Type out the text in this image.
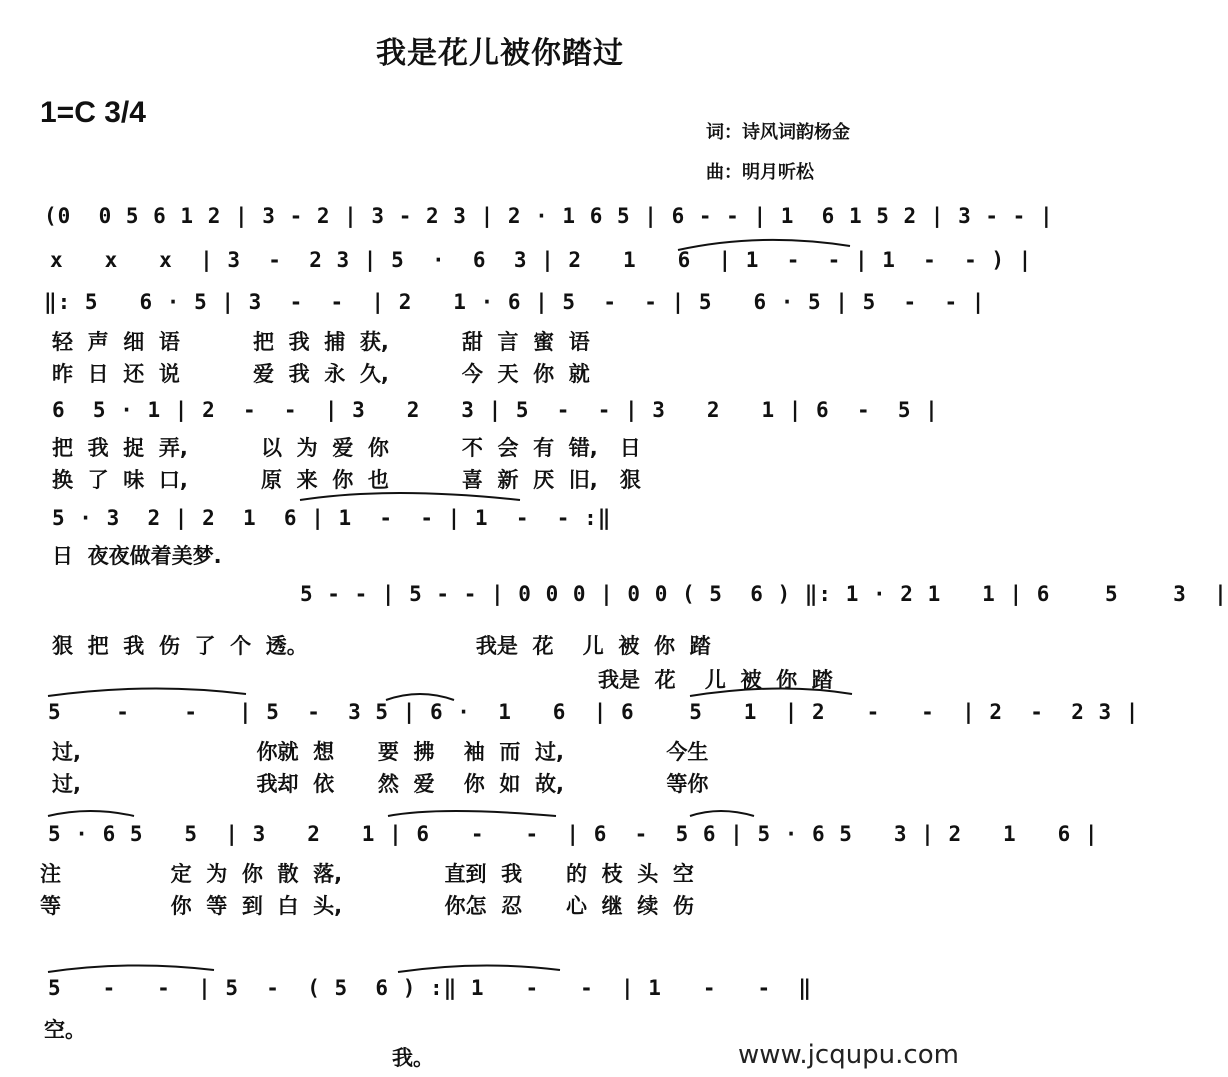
我是花儿被你踏过
1=C 3/4
词：诗风词韵杨金
曲：明月听松
(0  0 5 6 1 2 | 3 - 2 | 3 - 2 3 | 2 · 1 6 5 | 6 - - | 1  6 1 5 2 | 3 - - |
x   x   x  | 3  -  2 3 | 5  ·  6  3 | 2   1   6  | 1  -  - | 1  -  - ) |
‖: 5   6 · 5 | 3  -  -  | 2   1 · 6 | 5  -  - | 5   6 · 5 | 5  -  - |
轻  声  细  语          把  我  捕  获,          甜  言  蜜  语
昨  日  还  说          爱  我  永  久,          今  天  你  就
6  5 · 1 | 2  -  -  | 3   2   3 | 5  -  - | 3   2   1 | 6  -  5 |
把  我  捉  弄,          以  为  爱  你          不  会  有  错,   日
换  了  味  口,          原  来  你  也          喜  新  厌  旧,   狠
5 · 3  2 | 2  1  6 | 1  -  - | 1  -  - :‖
日  夜夜做着美梦.
5 - - | 5 - - | 0 0 0 | 0 0 ( 5  6 ) ‖: 1 · 2 1   1 | 6    5    3  |
狠  把  我  伤  了  个  透。                       我是  花    儿  被  你  踏
我是  花    儿  被  你  踏
5    -    -   | 5  -  3 5 | 6 ·  1   6  | 6    5   1  | 2   -   -  | 2  -  2 3 |
过,                        你就  想      要  拂    袖  而  过,              今生
过,                        我却  依      然  爱    你  如  故,              等你
5 · 6 5   5  | 3   2   1 | 6   -   -  | 6  -  5 6 | 5 · 6 5   3 | 2   1   6 |
注               定  为  你  散  落,              直到  我      的  枝  头  空
等               你  等  到  白  头,              你怎  忍      心  继  续  伤
5   -   -  | 5  -  ( 5  6 ) :‖ 1   -   -  | 1   -   -  ‖
空。
我。	www.jcqupu.com
